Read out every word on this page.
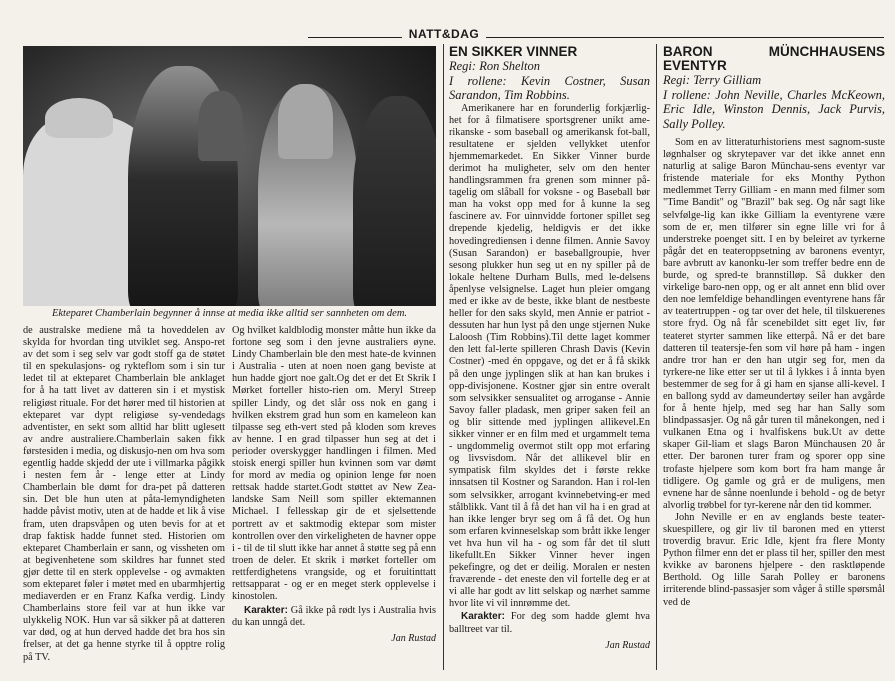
NATT&DAG
Ekteparet Chamberlain begynner å innse at media ikke alltid ser sannheten om dem.

de australske mediene må ta hoveddelen av skylda for hvordan ting utviklet seg. Anspo-ret av det som i seg selv var godt stoff ga de støtet til en spekulasjons- og rykteflom som i sin tur ledet til at ekteparet Chamberlain ble anklaget for å ha tatt livet av datteren sin i et mystisk religiøst rituale. For det hører med til historien at ekteparet var dypt religiøse sy-vendedags adventister, en sekt som alltid har blitt uglesett av andre australiere.Chamberlain saken fikk førstesiden i media, og diskusjo-nen om hva som egentlig hadde skjedd der ute i villmarka pågikk i nesten fem år - lenge etter at Lindy Chamberlain ble dømt for dra-pet på datteren sin. Det ble hun uten at påta-lemyndigheten hadde påvist motiv, uten at de hadde et lik å vise fram, uten drapsvåpen og uten bevis for at et drap faktisk hadde funnet sted. Historien om ekteparet Chamberlain er sann, og vissheten om at begivenhetene som skildres har funnet sted gjør dette til en sterk opplevelse - og avmakten som ekteparet føler i møtet med en ubarmhjertig mediaverden er en Franz Kafka verdig. Lindy Chamberlains store feil var at hun ikke var ulykkelig NOK. Hun var så sikker på at datteren var død, og at hun derved hadde det bra hos sin frelser, at det ga henne styrke til å opptre rolig på TV.

Og hvilket kaldblodig monster måtte hun ikke da fortone seg som i den jevne australiers øyne. Lindy Chamberlain ble den mest hate-de kvinnen i Australia - uten at noen noen gang beviste at hun hadde gjort noe galt.Og det er det Et Skrik I Mørket forteller histo-rien om. Meryl Streep spiller Lindy, og det slår oss nok en gang i hvilken ekstrem grad hun som en kameleon kan tilpasse seg eth-vert sted på kloden som kreves av henne. I en grad tilpasser hun seg at det i perioder overskygger handlingen i filmen. Med stoisk energi spiller hun kvinnen som var dømt for mord av media og opinion lenge før noen rettsak hadde startet.Godt støttet av New Zea-landske Sam Neill som spiller ektemannen Michael. I fellesskap gir de et sjelsettende portrett av et saktmodig ektepar som mister kontrollen over den virkeligheten de havner oppe i - til de til slutt ikke har annet å støtte seg på enn troen de deler. Et skrik i mørket forteller om rettferdighetens vrangside, og et foruitinttatt rettsapparat - og er en meget sterk opplevelse i kinostolen.

Karakter: Gå ikke på rødt lys i Australia hvis du kan unngå det.

Jan Rustad
EN SIKKER VINNER

Regi: Ron Shelton

I rollene: Kevin Costner, Susan Sarandon, Tim Robbins.

Amerikanere har en forunderlig forkjærlig-het for å filmatisere sportsgrener unikt ame-rikanske - som baseball og amerikansk fot-ball, resultatene er sjelden vellykket utenfor hjemmemarkedet. En Sikker Vinner burde derimot ha muligheter, selv om den henter handlingsrammen fra grenen som minner på-tagelig om slåball for voksne - og Baseball bør man ha vokst opp med for å kunne la seg fascinere av. For uinnvidde fortoner spillet seg drepende kjedelig, heldigvis er det ikke hovedingrediensen i denne filmen. Annie Savoy (Susan Sarandon) er baseballgroupie, hver sesong plukker hun seg ut en ny spiller på de lokale heltene Durham Bulls, med le-delsens åpenlyse velsignelse. Laget hun pleier omgang med er ikke av de beste, ikke blant de nestbeste heller for den saks skyld, men Annie er patriot - dessuten har hun lyst på den unge stjernen Nuke Laloosh (Tim Robbins).Til dette laget kommer den lett fal-lerte spilleren Chrash Davis (Kevin Costner) -med én oppgave, og det er å få skikk på den unge jyplingen slik at han kan brukes i opp-divisjonene. Kostner gjør sin entre overalt som selvsikker sensualitet og arroganse - Annie Savoy faller pladask, men griper saken feil an og blir sittende med jyplingen allikevel.En sikker vinner er en film med et urgammelt tema - ungdommelig overmot stilt opp mot erfaring og livsvisdom. Når det allikevel blir en sympatisk film skyldes det i første rekke innsatsen til Kostner og Sarandon. Han i rol-len som selvsikker, arrogant kvinnebetving-er med stålblikk. Vant til å få det han vil ha i en grad at han ikke lenger bryr seg om å få det. Og hun som erfaren kvinneselskap som brått ikke lenger vet hva hun vil ha - og som får det til slutt likefullt.En Sikker Vinner hever ingen pekefingre, og det er deilig. Moralen er nesten fraværende - det eneste den vil fortelle deg er at vi alle har godt av litt selskap og nærhet samme hvor lite vi vil innrømme det.

Karakter: For deg som hadde glemt hva balltreet var til.

Jan Rustad
BARON MÜNCHHAUSENS EVENTYR

Regi: Terry Gilliam

I rollene: John Neville, Charles McKeown, Eric Idle, Winston Dennis, Jack Purvis, Sally Polley.

Som en av litteraturhistoriens mest sagnom-suste løgnhalser og skrytepaver var det ikke annet enn naturlig at salige Baron Münchau-sens eventyr var fristende materiale for eks Monthy Python medlemmet Terry Gilliam - en mann med filmer som "Time Bandit" og "Brazil" bak seg. Og når sagt like selvfølge-lig kan ikke Gilliam la eventyrene være som de er, men tilfører sin egne lille vri for å understreke poenget sitt. I en by beleiret av tyrkerne pågår det en teateroppsetning av baronens eventyr, bare avbrutt av kanonku-ler som treffer bedre enn de burde, og spred-te brannstilløp. Så dukker den virkelige baro-nen opp, og er alt annet enn blid over den noe lemfeldige behandlingen eventyrene hans får av teatertruppen - og tar over det hele, til tilskuerenes store fryd. Og nå får scenebildet sitt eget liv, før teateret styrter sammen like etterpå. Nå er det bare datteren til teatersje-fen som vil høre på ham - ingen andre tror han er den han utgir seg for, men da tyrkere-ne like etter ser ut til å lykkes i å innta byen bestemmer de seg for å gi ham en sjanse alli-kevel. I en ballong sydd av dameundertøy seiler han avgårde for å hente hjelp, med seg har han Sally som blindpassasjer. Og nå går turen til månekongen, ned i vulkanen Etna og i hvalfiskens buk.Ut av dette skaper Gil-liam et slags Baron Münchausen 20 år etter. Der baronen turer fram og sporer opp sine trofaste hjelpere som kom bort fra ham mange år tidligere. Og gamle og grå er de muligens, men evnene har de sånne noenlunde i behold - og de betyr alvorlig trøbbel for tyr-kerene når den tid kommer.

John Neville er en av englands beste teater-skuespillere, og gir liv til baronen med en ytterst troverdig bravur. Eric Idle, kjent fra flere Monty Python filmer enn det er plass til her, spiller den mest kvikke av baronens hjelpere - den rasktløpende Berthold. Og lille Sarah Polley er baronens irriterende blind-passasjer som våger å stille spørsmål ved de
